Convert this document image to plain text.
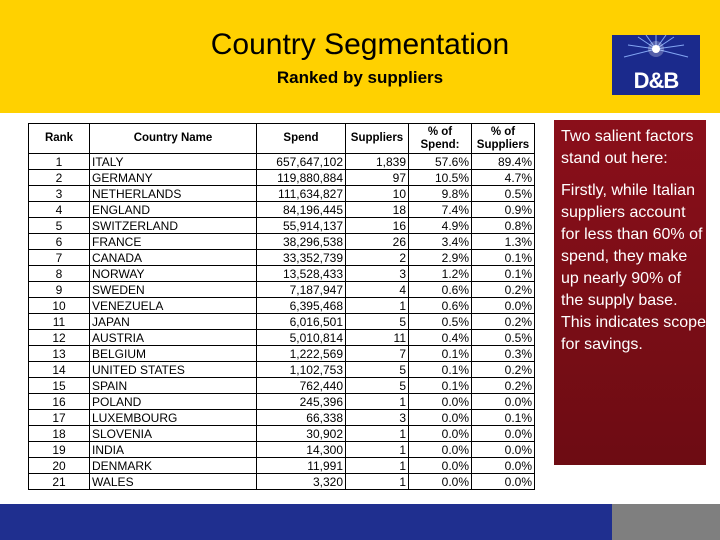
Country Segmentation
Ranked by suppliers	D&B
Rank	Country Name	Spend	Suppliers	% of Spend:	% of Suppliers
1	ITALY	657,647,102	1,839	57.6%	89.4%
2	GERMANY	119,880,884	97	10.5%	4.7%
3	NETHERLANDS	111,634,827	10	9.8%	0.5%
4	ENGLAND	84,196,445	18	7.4%	0.9%
5	SWITZERLAND	55,914,137	16	4.9%	0.8%
6	FRANCE	38,296,538	26	3.4%	1.3%
7	CANADA	33,352,739	2	2.9%	0.1%
8	NORWAY	13,528,433	3	1.2%	0.1%
9	SWEDEN	7,187,947	4	0.6%	0.2%
10	VENEZUELA	6,395,468	1	0.6%	0.0%
11	JAPAN	6,016,501	5	0.5%	0.2%
12	AUSTRIA	5,010,814	11	0.4%	0.5%
13	BELGIUM	1,222,569	7	0.1%	0.3%
14	UNITED STATES	1,102,753	5	0.1%	0.2%
15	SPAIN	762,440	5	0.1%	0.2%
16	POLAND	245,396	1	0.0%	0.0%
17	LUXEMBOURG	66,338	3	0.0%	0.1%
18	SLOVENIA	30,902	1	0.0%	0.0%
19	INDIA	14,300	1	0.0%	0.0%
20	DENMARK	11,991	1	0.0%	0.0%
21	WALES	3,320	1	0.0%	0.0%

Two salient factors stand out here:

Firstly, while Italian suppliers account for less than 60% of spend, they make up nearly 90% of the supply base. This indicates scope for savings.
